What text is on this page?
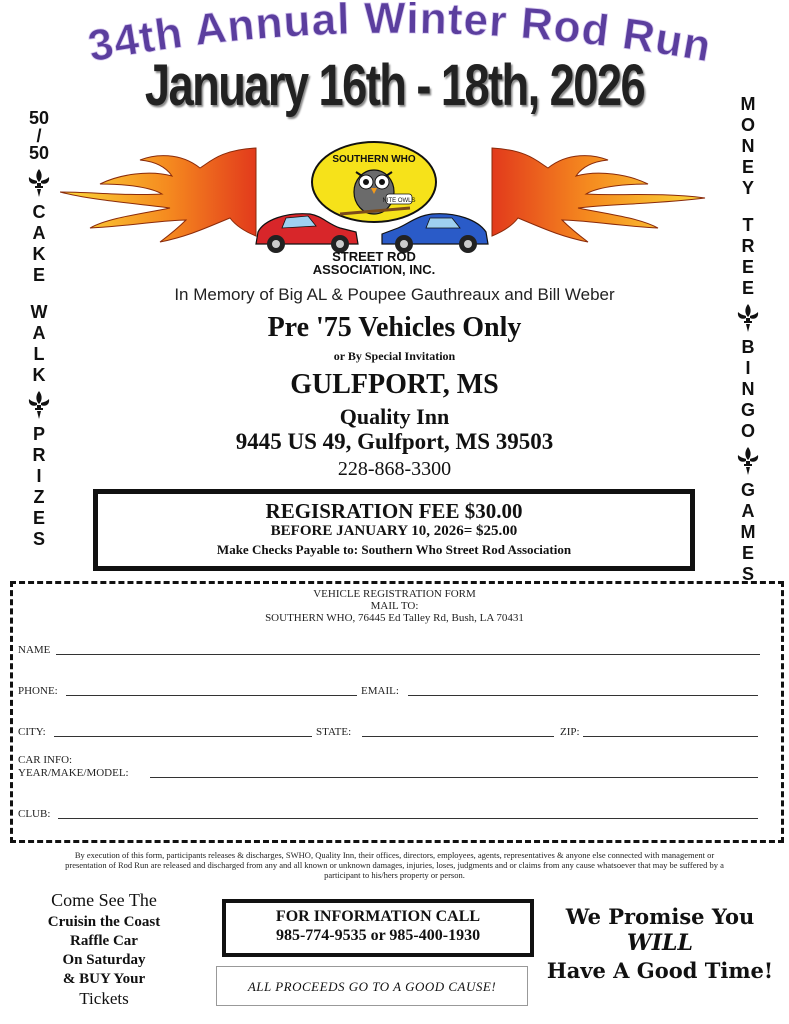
34th Annual Winter Rod Run
January 16th - 18th, 2026
50
/
50
C
A
K
E
W
A
L
K
P
R
I
Z
E
S
M
O
N
E
Y
T
R
E
E
B
I
N
G
O
G
A
M
E
S
SOUTHERN WHO
NITE OWLS
STREET ROD
ASSOCIATION, INC.
In Memory of Big AL & Poupee Gauthreaux and Bill Weber
Pre '75 Vehicles Only
or By Special Invitation
GULFPORT, MS
Quality Inn
9445 US 49, Gulfport, MS 39503
228-868-3300
REGISRATION FEE $30.00
BEFORE JANUARY 10, 2026= $25.00
Make Checks Payable to: Southern Who Street Rod Association
VEHICLE REGISTRATION FORM
MAIL TO:
SOUTHERN WHO, 76445 Ed Talley Rd, Bush, LA 70431
NAME
PHONE:	EMAIL:
CITY:	STATE:	ZIP:
CAR INFO:
YEAR/MAKE/MODEL:
CLUB:
By execution of this form, participants releases & discharges, SWHO, Quality Inn, their offices, directors, employees, agents, representatives & anyone else connected with management or presentation of Rod Run are released and discharged from any and all known or unknown damages, injuries, loses, judgments and or claims from any cause whatsoever that may be suffered by a participant to his/hers property or person.
Come See The
Cruisin the Coast
Raffle Car
On Saturday
& BUY Your
Tickets
FOR INFORMATION CALL
985-774-9535 or 985-400-1930
ALL PROCEEDS GO TO A GOOD CAUSE!
We Promise You
WILL
Have A Good Time!
